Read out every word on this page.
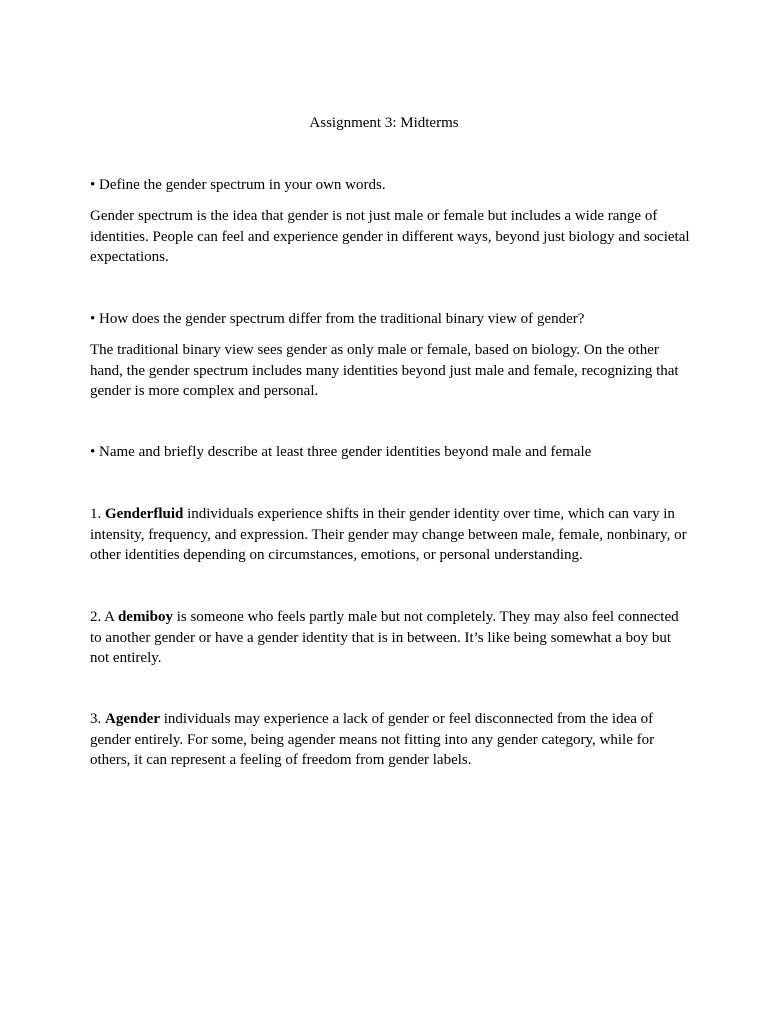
Assignment 3: Midterms

• Define the gender spectrum in your own words.

Gender spectrum is the idea that gender is not just male or female but includes a wide range of identities. People can feel and experience gender in different ways, beyond just biology and societal expectations.

• How does the gender spectrum differ from the traditional binary view of gender?

The traditional binary view sees gender as only male or female, based on biology. On the other hand, the gender spectrum includes many identities beyond just male and female, recognizing that gender is more complex and personal.

• Name and briefly describe at least three gender identities beyond male and female

1. Genderfluid individuals experience shifts in their gender identity over time, which can vary in intensity, frequency, and expression. Their gender may change between male, female, nonbinary, or other identities depending on circumstances, emotions, or personal understanding.

2. A demiboy is someone who feels partly male but not completely. They may also feel connected to another gender or have a gender identity that is in between. It’s like being somewhat a boy but not entirely.

3. Agender individuals may experience a lack of gender or feel disconnected from the idea of gender entirely. For some, being agender means not fitting into any gender category, while for others, it can represent a feeling of freedom from gender labels.
